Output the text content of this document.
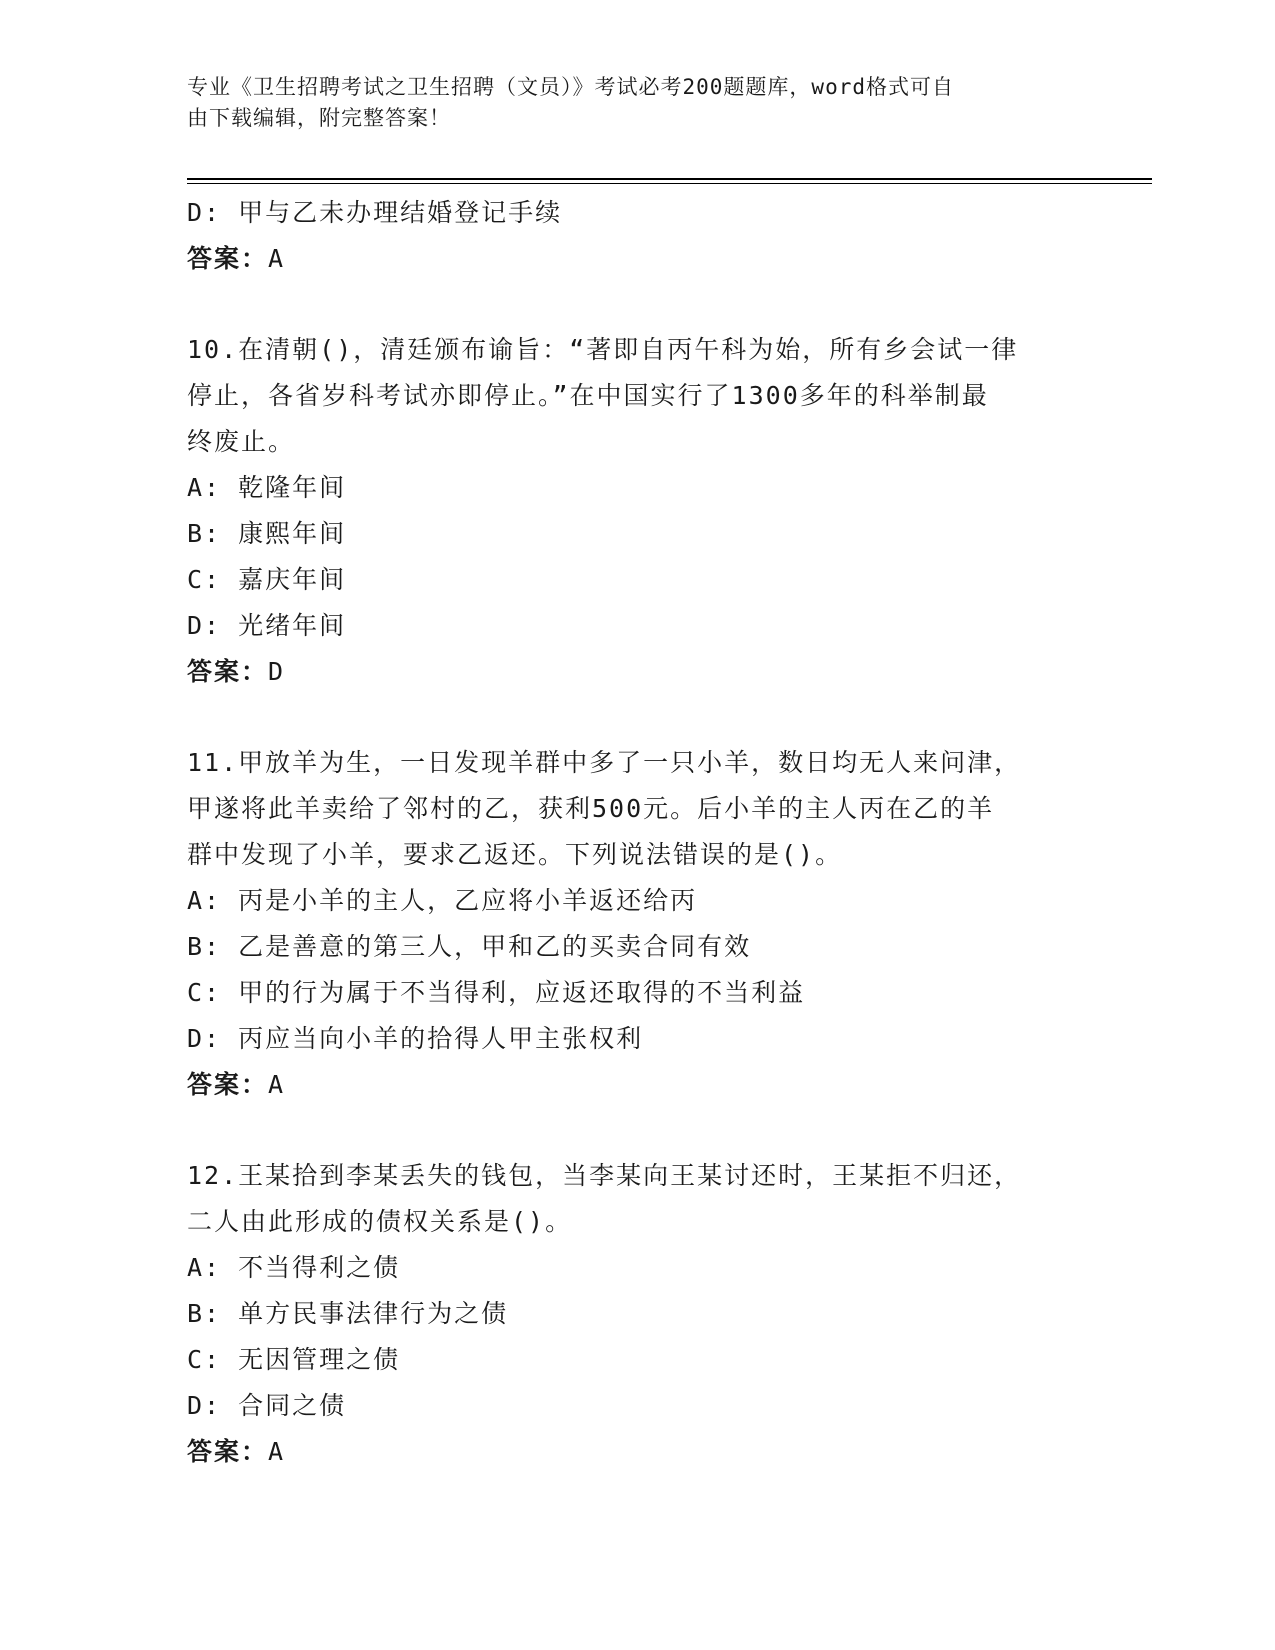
专业《卫生招聘考试之卫生招聘（文员）》考试必考200题题库，word格式可自
由下载编辑，附完整答案！
D: 甲与乙未办理结婚登记手续
答案：A
10.在清朝()，清廷颁布谕旨：“著即自丙午科为始，所有乡会试一律
停止，各省岁科考试亦即停止。”在中国实行了1300多年的科举制最
终废止。
A: 乾隆年间
B: 康熙年间
C: 嘉庆年间
D: 光绪年间
答案：D
11.甲放羊为生，一日发现羊群中多了一只小羊，数日均无人来问津，
甲遂将此羊卖给了邻村的乙，获利500元。后小羊的主人丙在乙的羊
群中发现了小羊，要求乙返还。下列说法错误的是()。
A: 丙是小羊的主人，乙应将小羊返还给丙
B: 乙是善意的第三人，甲和乙的买卖合同有效
C: 甲的行为属于不当得利，应返还取得的不当利益
D: 丙应当向小羊的拾得人甲主张权利
答案：A
12.王某拾到李某丢失的钱包，当李某向王某讨还时，王某拒不归还，
二人由此形成的债权关系是()。
A: 不当得利之债
B: 单方民事法律行为之债
C: 无因管理之债
D: 合同之债
答案：A
